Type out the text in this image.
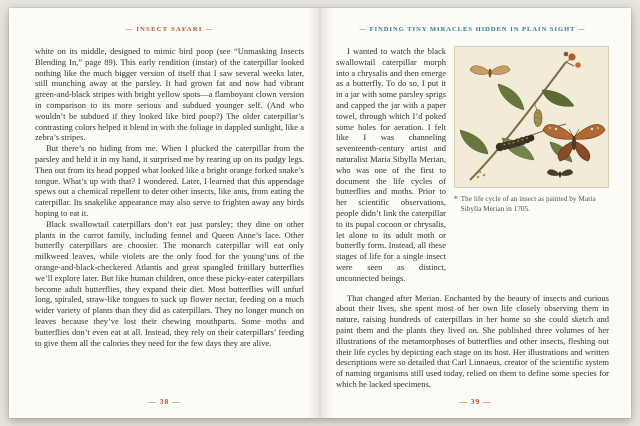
— INSECT SAFARI —

white on its middle, designed to mimic bird poop (see “Unmasking Insects Blending In,” page 89). This early rendition (instar) of the caterpillar looked nothing like the much bigger version of itself that I saw several weeks later, still munching away at the parsley. It had grown fat and now had vibrant green-and-black stripes with bright yellow spots—a flamboyant clown version in comparison to its more serious and subdued younger self. (And who wouldn’t be subdued if they looked like bird poop?) The older caterpillar’s contrasting colors helped it blend in with the foliage in dappled sunlight, like a zebra’s stripes.

But there’s no hiding from me. When I plucked the caterpillar from the parsley and held it in my hand, it surprised me by rearing up on its pudgy legs. Then out from its head popped what looked like a bright orange forked snake’s tongue. What’s up with that? I wondered. Later, I learned that this appendage spews out a chemical repellent to deter other insects, like ants, from eating the caterpillar. Its snakelike appearance may also serve to frighten away any birds hoping to eat it.

Black swallowtail caterpillars don’t eat just parsley; they dine on other plants in the carrot family, including fennel and Queen Anne’s lace. Other butterfly caterpillars are choosier. The monarch caterpillar will eat only milkweed leaves, while violets are the only food for the young’uns of the orange-and-black-checkered Atlantis and great spangled fritillary butterflies we’ll explore later. But like human children, once these picky-eater caterpillars become adult butterflies, they expand their diet. Most butterflies will unfurl long, spiraled, straw-like tongues to suck up flower nectar, feeding on a much wider variety of plants than they did as caterpillars. They no longer munch on leaves because they’ve lost their chewing mouthparts. Some moths and butterflies don’t even eat at all. Instead, they rely on their caterpillars’ feeding to give them all the calories they need for the few days they are alive.

— 38 —
— FINDING TINY MIRACLES HIDDEN IN PLAIN SIGHT —

I wanted to watch the black swallowtail caterpillar morph into a chrysalis and then emerge as a butterfly. To do so, I put it in a jar with some parsley sprigs and capped the jar with a paper towel, through which I’d poked some holes for aeration. I felt like I was channeling seventeenth-century artist and naturalist Maria Sibylla Merian, who was one of the first to document the life cycles of butterflies and moths. Prior to her scientific observations, people didn’t link the caterpillar to its pupal cocoon or chrysalis, let alone to its adult moth or butterfly form. Instead, all these stages of life for a single insect were seen as distinct, unconnected beings.

* The life cycle of an insect as painted by Maria Sibylla Merian in 1705.

That changed after Merian. Enchanted by the beauty of insects and curious about their lives, she spent most of her own life closely observing them in nature, raising hundreds of caterpillars in her home so she could sketch and paint them and the plants they lived on. She published three volumes of her illustrations of the metamorphoses of butterflies and other insects, fleshing out their life cycles by depicting each stage on its host. Her illustrations and written descriptions were so detailed that Carl Linnaeus, creator of the scientific system of naming organisms still used today, relied on them to define some species for which he lacked specimens.

— 39 —
